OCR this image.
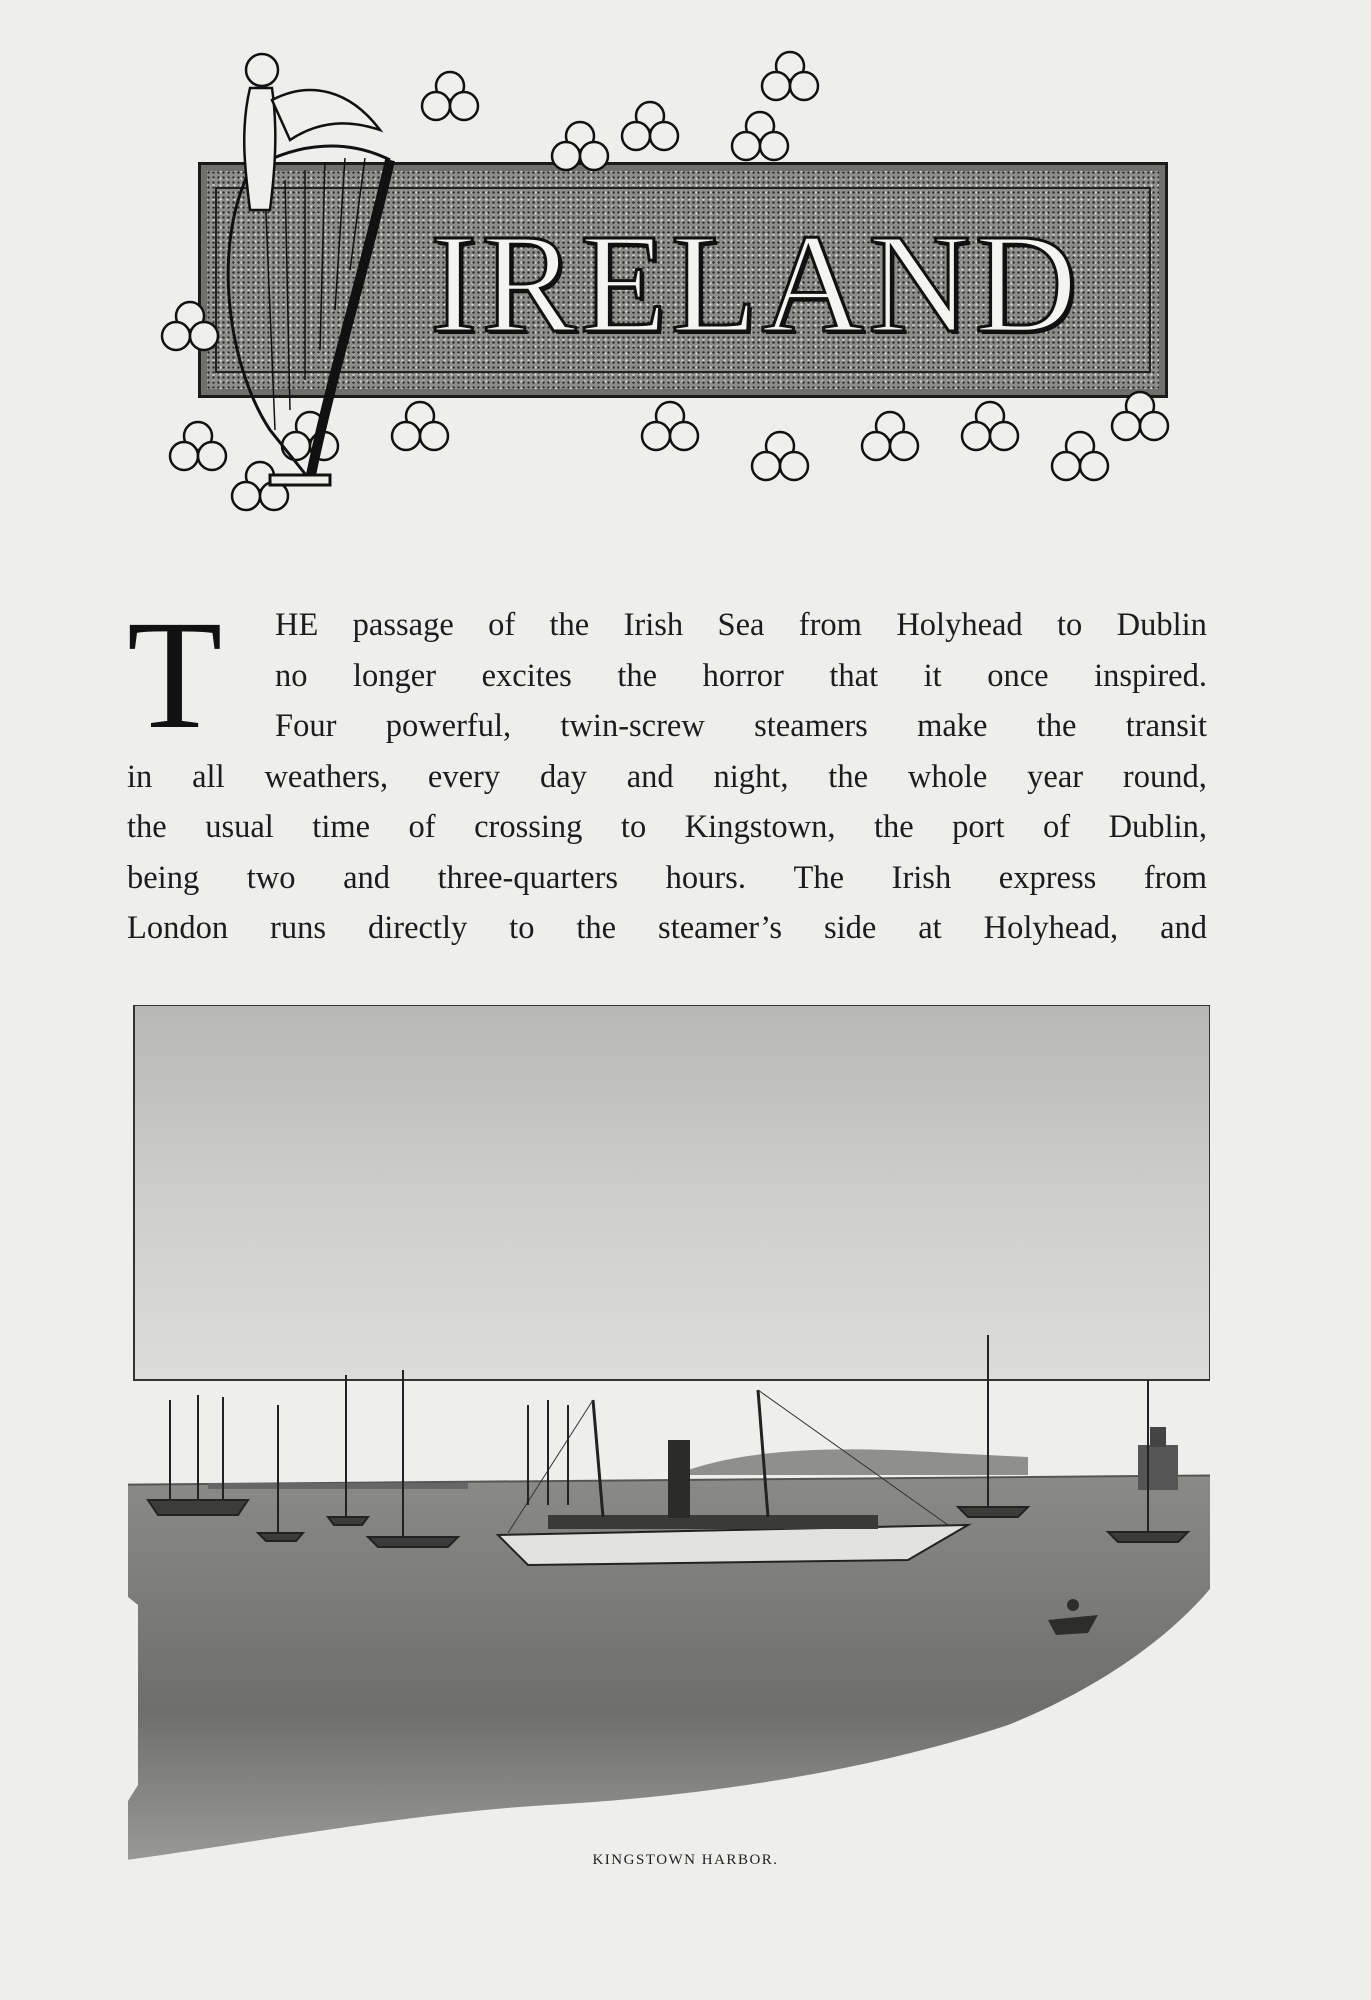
IRELAND
T HE passage of the Irish Sea from Holyhead to Dublin
no longer excites the horror that it once inspired.
Four powerful, twin-screw steamers make the transit
in all weathers, every day and night, the whole year round,
the usual time of crossing to Kingstown, the port of Dublin,
being two and three-quarters hours. The Irish express from
London runs directly to the steamer’s side at Holyhead, and
KINGSTOWN HARBOR.
